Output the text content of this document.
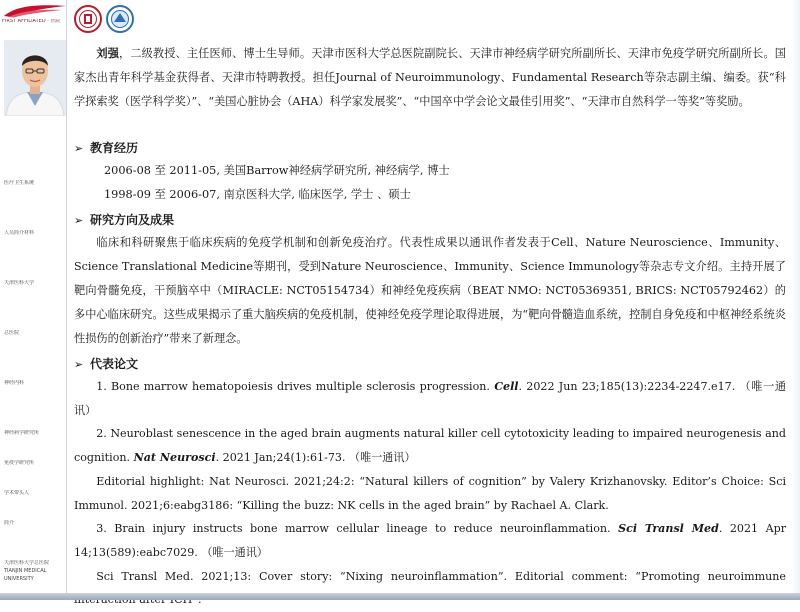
FIRST AFFILIATED · 医院
医疗卫生系统
人员简介材料
天津医科大学
总医院
神经内科
神经病学研究所
免疫学研究所
学术带头人
简介
天津医科大学总医院
TIANJIN MEDICAL
UNIVERSITY
刘强，二级教授、主任医师、博士生导师。天津市医科大学总医院副院长、天津市神经病学研究所副所长、天津市免疫学研究所副所长。国家杰出青年科学基金获得者、天津市特聘教授。担任Journal of Neuroimmunology、Fundamental Research等杂志副主编、编委。获“科学探索奖（医学科学奖）”、“美国心脏协会（AHA）科学家发展奖”、“中国卒中学会论文最佳引用奖”、“天津市自然科学一等奖”等奖励。
➢ 教育经历
2006-08 至 2011-05, 美国Barrow神经病学研究所, 神经病学, 博士
1998-09 至 2006-07, 南京医科大学, 临床医学, 学士 、硕士
➢ 研究方向及成果
临床和科研聚焦于临床疾病的免疫学机制和创新免疫治疗。代表性成果以通讯作者发表于Cell、Nature Neuroscience、Immunity、Science Translational Medicine等期刊，受到Nature Neuroscience、Immunity、Science Immunology等杂志专文介绍。主持开展了靶向骨髓免疫，干预脑卒中（MIRACLE: NCT05154734）和神经免疫疾病（BEAT NMO: NCT05369351, BRICS: NCT05792462）的多中心临床研究。这些成果揭示了重大脑疾病的免疫机制，使神经免疫学理论取得进展，为“靶向骨髓造血系统，控制自身免疫和中枢神经系统炎性损伤的创新治疗”带来了新理念。
➢ 代表论文

1. Bone marrow hematopoiesis drives multiple sclerosis progression. Cell. 2022 Jun 23;185(13):2234-2247.e17. （唯一通讯）

2. Neuroblast senescence in the aged brain augments natural killer cell cytotoxicity leading to impaired neurogenesis and cognition. Nat Neurosci. 2021 Jan;24(1):61-73. （唯一通讯）

Editorial highlight: Nat Neurosci. 2021;24:2: “Natural killers of cognition” by Valery Krizhanovsky. Editor’s Choice: Sci Immunol. 2021;6:eabg3186: “Killing the buzz: NK cells in the aged brain” by Rachael A. Clark.

3. Brain injury instructs bone marrow cellular lineage to reduce neuroinflammation. Sci Transl Med. 2021 Apr 14;13(589):eabc7029. （唯一通讯）

Sci Transl Med. 2021;13: Cover story: “Nixing neuroinflammation”. Editorial comment: “Promoting neuroimmune
